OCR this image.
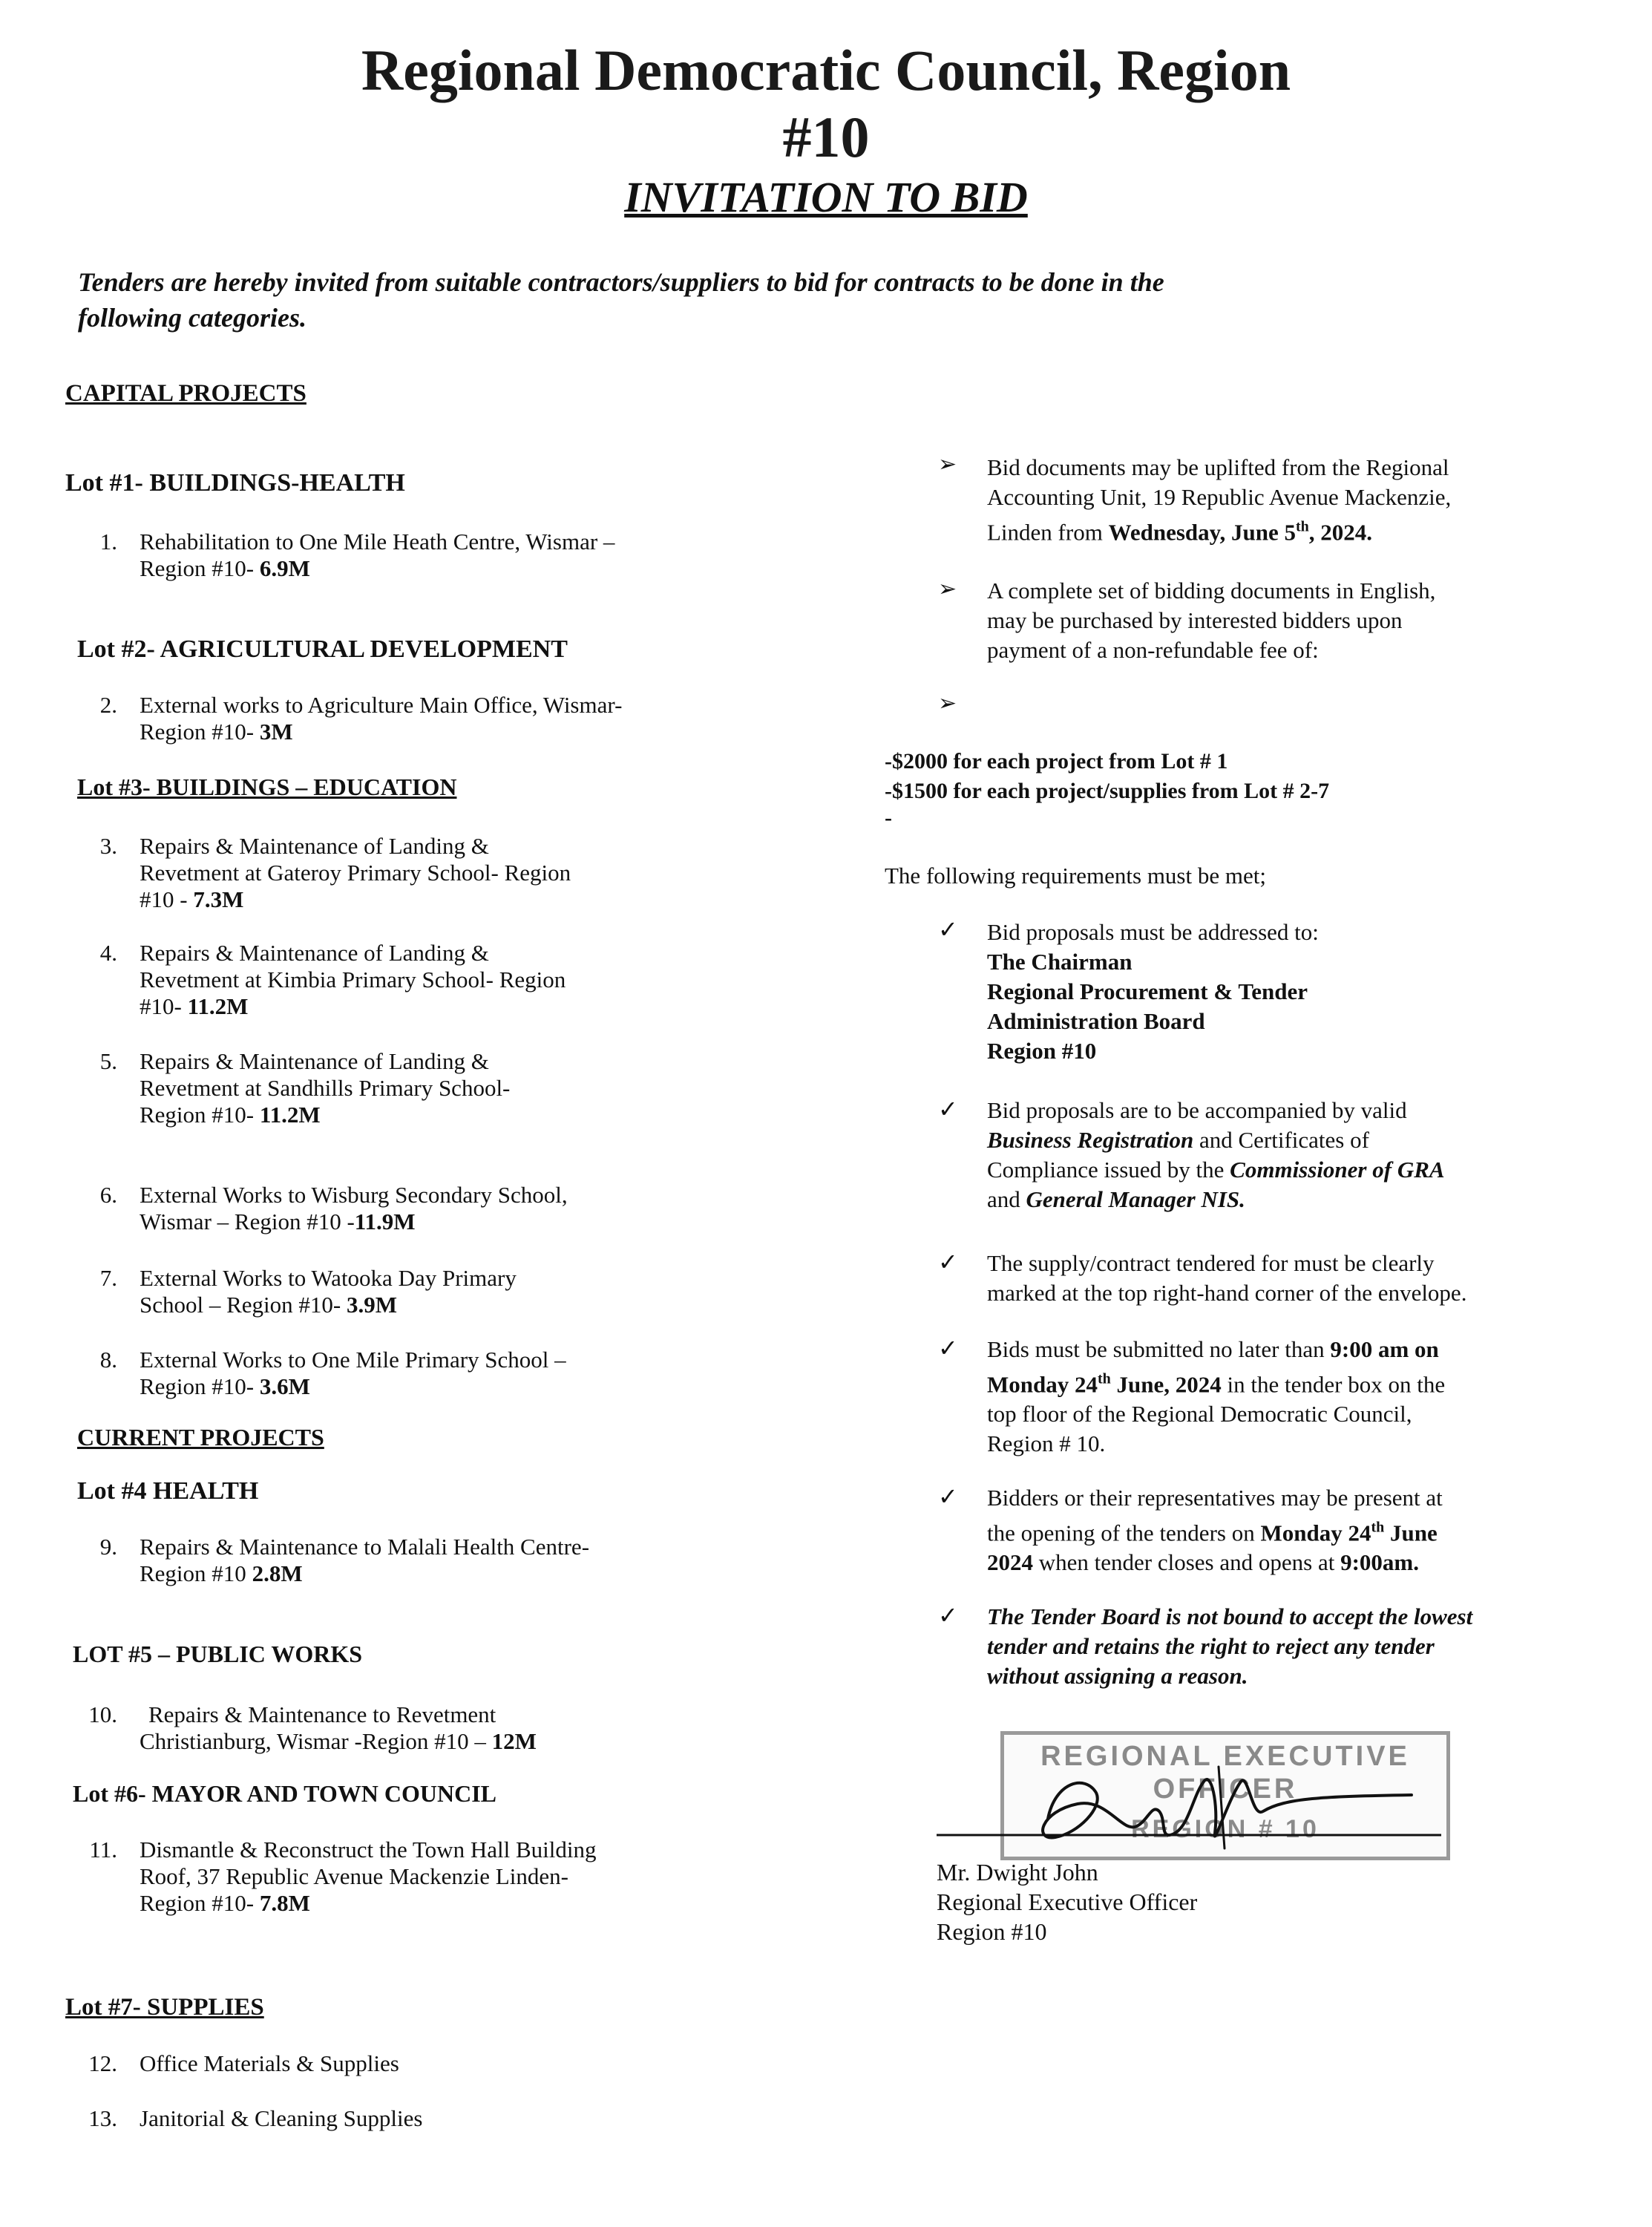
Regional Democratic Council, Region
#10
INVITATION TO BID
Tenders are hereby invited from suitable contractors/suppliers to bid for contracts to be done in the
following categories.
CAPITAL PROJECTS
Lot #1- BUILDINGS-HEALTH
1. Rehabilitation to One Mile Heath Centre, Wismar –
Region #10- 6.9M
Lot #2- AGRICULTURAL DEVELOPMENT
2. External works to Agriculture Main Office, Wismar-
Region #10- 3M
Lot #3- BUILDINGS – EDUCATION
3. Repairs & Maintenance of Landing &
Revetment at Gateroy Primary School- Region
#10 - 7.3M
4. Repairs & Maintenance of Landing &
Revetment at Kimbia Primary School- Region
#10- 11.2M
5. Repairs & Maintenance of Landing &
Revetment at Sandhills Primary School-
Region #10- 11.2M
6. External Works to Wisburg Secondary School,
Wismar – Region #10 -11.9M
7. External Works to Watooka Day Primary
School – Region #10- 3.9M
8. External Works to One Mile Primary School –
Region #10- 3.6M
CURRENT PROJECTS
Lot #4 HEALTH
9. Repairs & Maintenance to Malali Health Centre-
Region #10 2.8M
LOT #5 – PUBLIC WORKS
10. Repairs & Maintenance to Revetment
Christianburg, Wismar -Region #10 – 12M
Lot #6- MAYOR AND TOWN COUNCIL
11. Dismantle & Reconstruct the Town Hall Building
Roof, 37 Republic Avenue Mackenzie Linden-
Region #10- 7.8M
Lot #7- SUPPLIES
12. Office Materials & Supplies
13. Janitorial & Cleaning Supplies
➢ Bid documents may be uplifted from the Regional
Accounting Unit, 19 Republic Avenue Mackenzie,
Linden from Wednesday, June 5th, 2024.
➢ A complete set of bidding documents in English,
may be purchased by interested bidders upon
payment of a non-refundable fee of:
➢
-$2000 for each project from Lot # 1
-$1500 for each project/supplies from Lot # 2-7
-
The following requirements must be met;
✓ Bid proposals must be addressed to:
The Chairman
Regional Procurement & Tender
Administration Board
Region #10
✓ Bid proposals are to be accompanied by valid
Business Registration and Certificates of
Compliance issued by the Commissioner of GRA
and General Manager NIS.
✓ The supply/contract tendered for must be clearly
marked at the top right-hand corner of the envelope.
✓ Bids must be submitted no later than 9:00 am on
Monday 24th June, 2024 in the tender box on the
top floor of the Regional Democratic Council,
Region # 10.
✓ Bidders or their representatives may be present at
the opening of the tenders on Monday 24th June
2024 when tender closes and opens at 9:00am.
✓ The Tender Board is not bound to accept the lowest
tender and retains the right to reject any tender
without assigning a reason.
REGIONAL EXECUTIVE
OFFICER
REGION # 10
Mr. Dwight John
Regional Executive Officer
Region #10
